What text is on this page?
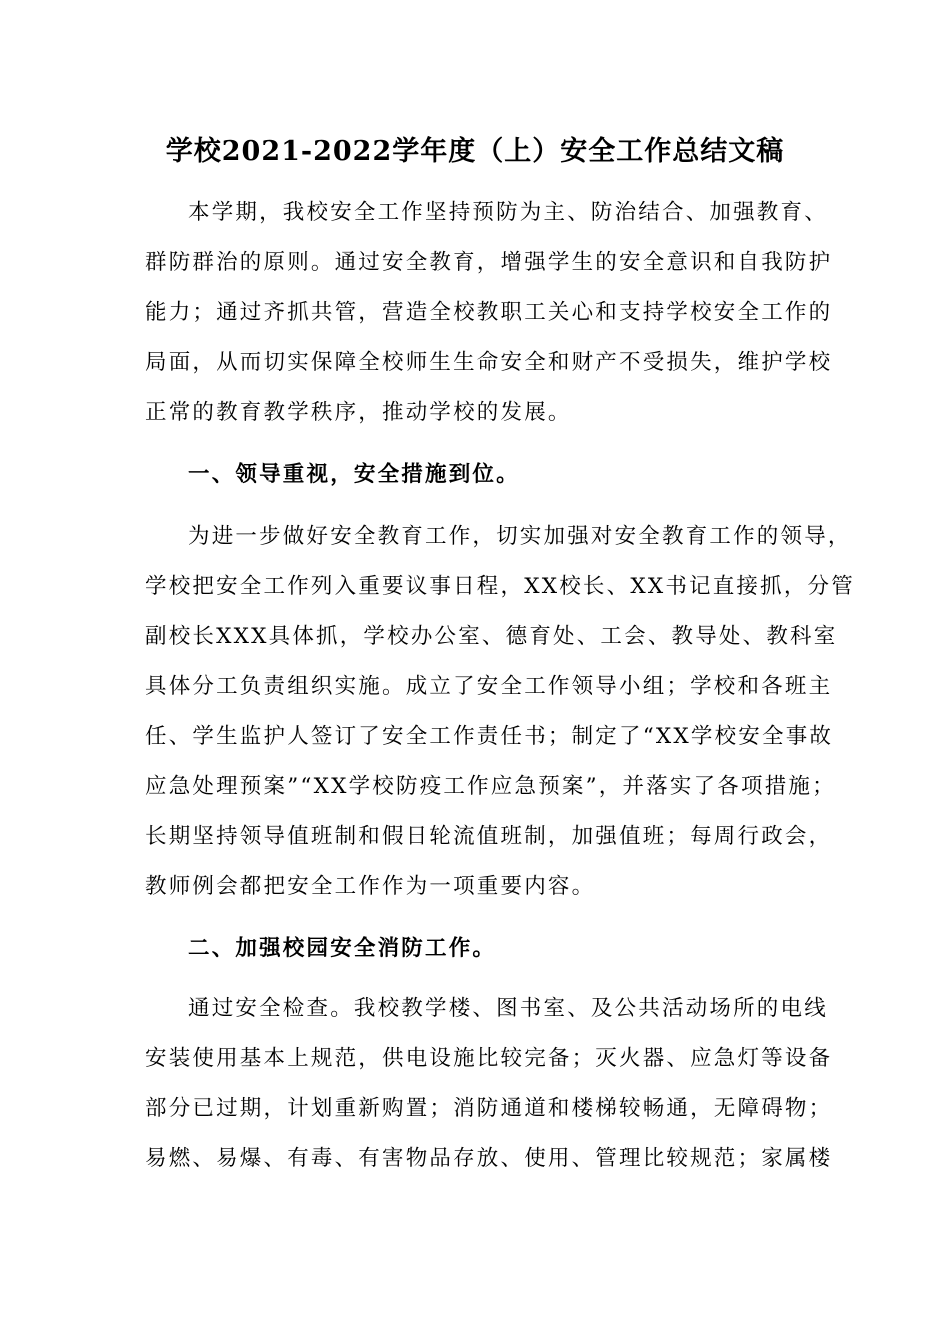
学校2021-2022学年度（上）安全工作总结文稿
本学期，我校安全工作坚持预防为主、防治结合、加强教育、
群防群治的原则。通过安全教育，增强学生的安全意识和自我防护
能力；通过齐抓共管，营造全校教职工关心和支持学校安全工作的
局面，从而切实保障全校师生生命安全和财产不受损失，维护学校
正常的教育教学秩序，推动学校的发展。
一、领导重视，安全措施到位。
为进一步做好安全教育工作，切实加强对安全教育工作的领导，
学校把安全工作列入重要议事日程，XX校长、XX书记直接抓，分管
副校长XXX具体抓，学校办公室、德育处、工会、教导处、教科室
具体分工负责组织实施。成立了安全工作领导小组；学校和各班主
任、学生监护人签订了安全工作责任书；制定了“XX学校安全事故
应急处理预案”“XX学校防疫工作应急预案”，并落实了各项措施；
长期坚持领导值班制和假日轮流值班制，加强值班；每周行政会，
教师例会都把安全工作作为一项重要内容。
二、加强校园安全消防工作。
通过安全检查。我校教学楼、图书室、及公共活动场所的电线
安装使用基本上规范，供电设施比较完备；灭火器、应急灯等设备
部分已过期，计划重新购置；消防通道和楼梯较畅通，无障碍物；
易燃、易爆、有毒、有害物品存放、使用、管理比较规范；家属楼
